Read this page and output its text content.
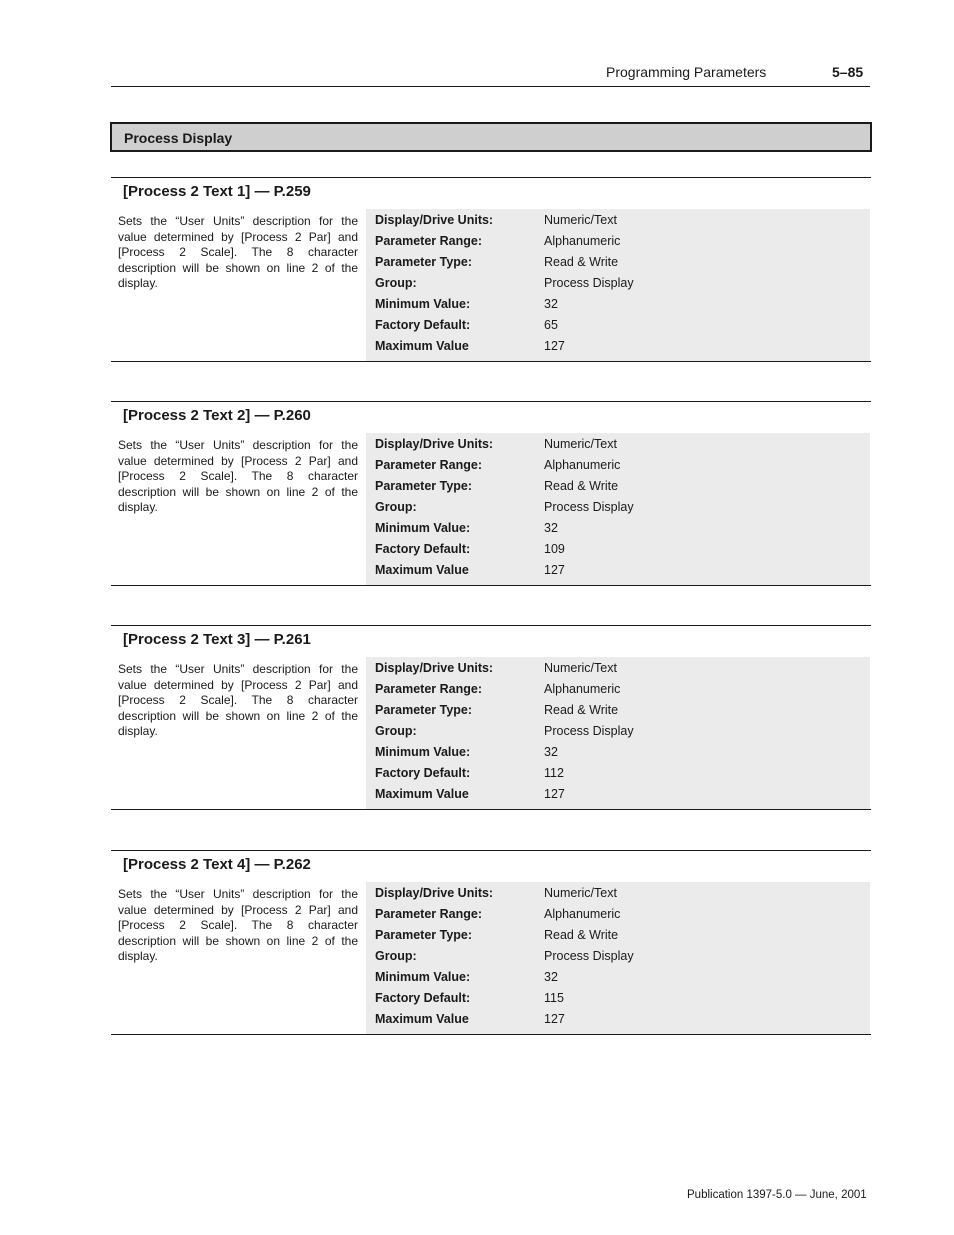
Programming Parameters	5–85
Process Display
[Process 2 Text 1] — P.259
Sets the “User Units” description for the value determined by [Process 2 Par] and [Process 2 Scale]. The 8 character description will be shown on line 2 of the display.
Display/Drive Units:	Numeric/Text
Parameter Range:	Alphanumeric
Parameter Type:	Read & Write
Group:	Process Display
Minimum Value:	32
Factory Default:	65
Maximum Value	127
[Process 2 Text 2] — P.260
Sets the “User Units” description for the value determined by [Process 2 Par] and [Process 2 Scale]. The 8 character description will be shown on line 2 of the display.
Display/Drive Units:	Numeric/Text
Parameter Range:	Alphanumeric
Parameter Type:	Read & Write
Group:	Process Display
Minimum Value:	32
Factory Default:	109
Maximum Value	127
[Process 2 Text 3] — P.261
Sets the “User Units” description for the value determined by [Process 2 Par] and [Process 2 Scale]. The 8 character description will be shown on line 2 of the display.
Display/Drive Units:	Numeric/Text
Parameter Range:	Alphanumeric
Parameter Type:	Read & Write
Group:	Process Display
Minimum Value:	32
Factory Default:	112
Maximum Value	127
[Process 2 Text 4] — P.262
Sets the “User Units” description for the value determined by [Process 2 Par] and [Process 2 Scale]. The 8 character description will be shown on line 2 of the display.
Display/Drive Units:	Numeric/Text
Parameter Range:	Alphanumeric
Parameter Type:	Read & Write
Group:	Process Display
Minimum Value:	32
Factory Default:	115
Maximum Value	127
Publication 1397-5.0 — June, 2001
